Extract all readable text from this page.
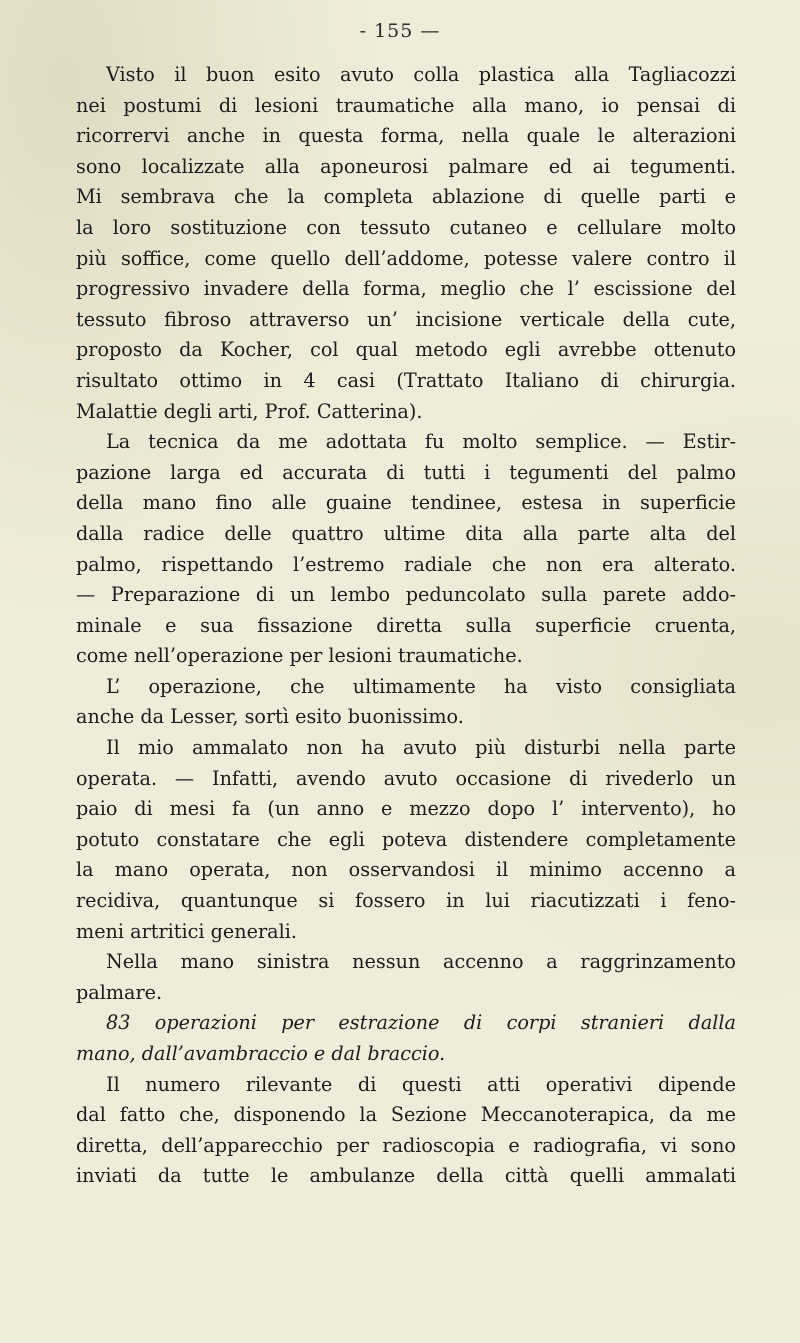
- 155 —

Visto il buon esito avuto colla plastica alla Tagliacozzi
nei postumi di lesioni traumatiche alla mano, io pensai di
ricorrervi anche in questa forma, nella quale le alterazioni
sono localizzate alla aponeurosi palmare ed ai tegumenti.
Mi sembrava che la completa ablazione di quelle parti e
la loro sostituzione con tessuto cutaneo e cellulare molto
più soffice, come quello dell’addome, potesse valere contro il
progressivo invadere della forma, meglio che l’ escissione del
tessuto fibroso attraverso un’ incisione verticale della cute,
proposto da Kocher, col qual metodo egli avrebbe ottenuto
risultato ottimo in 4 casi (Trattato Italiano di chirurgia.
Malattie degli arti, Prof. Catterina).

La tecnica da me adottata fu molto semplice. — Estir-
pazione larga ed accurata di tutti i tegumenti del palmo
della mano fino alle guaine tendinee, estesa in superficie
dalla radice delle quattro ultime dita alla parte alta del
palmo, rispettando l’estremo radiale che non era alterato.
— Preparazione di un lembo peduncolato sulla parete addo-
minale e sua fissazione diretta sulla superficie cruenta,
come nell’operazione per lesioni traumatiche.

L’ operazione, che ultimamente ha visto consigliata
anche da Lesser, sortì esito buonissimo.

Il mio ammalato non ha avuto più disturbi nella parte
operata. — Infatti, avendo avuto occasione di rivederlo un
paio di mesi fa (un anno e mezzo dopo l’ intervento), ho
potuto constatare che egli poteva distendere completamente
la mano operata, non osservandosi il minimo accenno a
recidiva, quantunque si fossero in lui riacutizzati i feno-
meni artritici generali.

Nella mano sinistra nessun accenno a raggrinzamento
palmare.

83 operazioni per estrazione di corpi stranieri dalla
mano, dall’avambraccio e dal braccio.

Il numero rilevante di questi atti operativi dipende
dal fatto che, disponendo la Sezione Meccanoterapica, da me
diretta, dell’apparecchio per radioscopia e radiografia, vi sono
inviati da tutte le ambulanze della città quelli ammalati
